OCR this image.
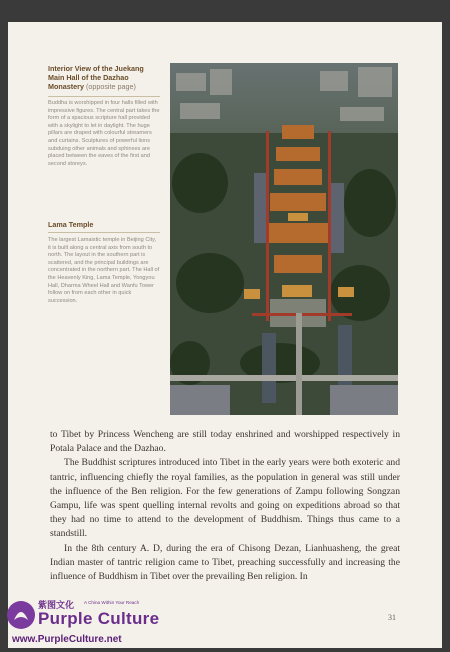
Interior View of the Juekang Main Hall of the Dazhao Monastery (opposite page)
Buddha is worshipped in four halls filled with impressive figures. The central part takes the form of a spacious scripture hall provided with a skylight to let in daylight. The huge pillars are draped with colourful streamers and curtains. Sculptures of powerful lions subduing other animals and sphinxes are placed between the eaves of the first and second storeys.
Lama Temple
The largest Lamaistic temple in Beijing City, it is built along a central axis from south to north. The layout in the southern part is scattered, and the principal buildings are concentrated in the northern part. The Hall of the Heavenly King, Lama Temple, Yongyou Hall, Dharma Wheel Hall and Wanfu Tower follow on from each other in quick succession.

to Tibet by Princess Wencheng are still today enshrined and worshipped respectively in Potala Palace and the Dazhao.

The Buddhist scriptures introduced into Tibet in the early years were both exoteric and tantric, influencing chiefly the royal families, as the population in general was still under the influence of the Ben religion. For the few generations of Zampu following Songzan Gampu, life was spent quelling internal revolts and going on expeditions abroad so that they had no time to attend to the development of Buddhism. Things thus came to a standstill.

In the 8th century A. D, during the era of Chisong Dezan, Lianhuasheng, the great Indian master of tantric religion came to Tibet, preaching successfully and increasing the influence of Buddhism in Tibet over the prevailing Ben religion. In

31
紫图文化 A China Within Your Reach
Purple Culture
www.PurpleCulture.net
